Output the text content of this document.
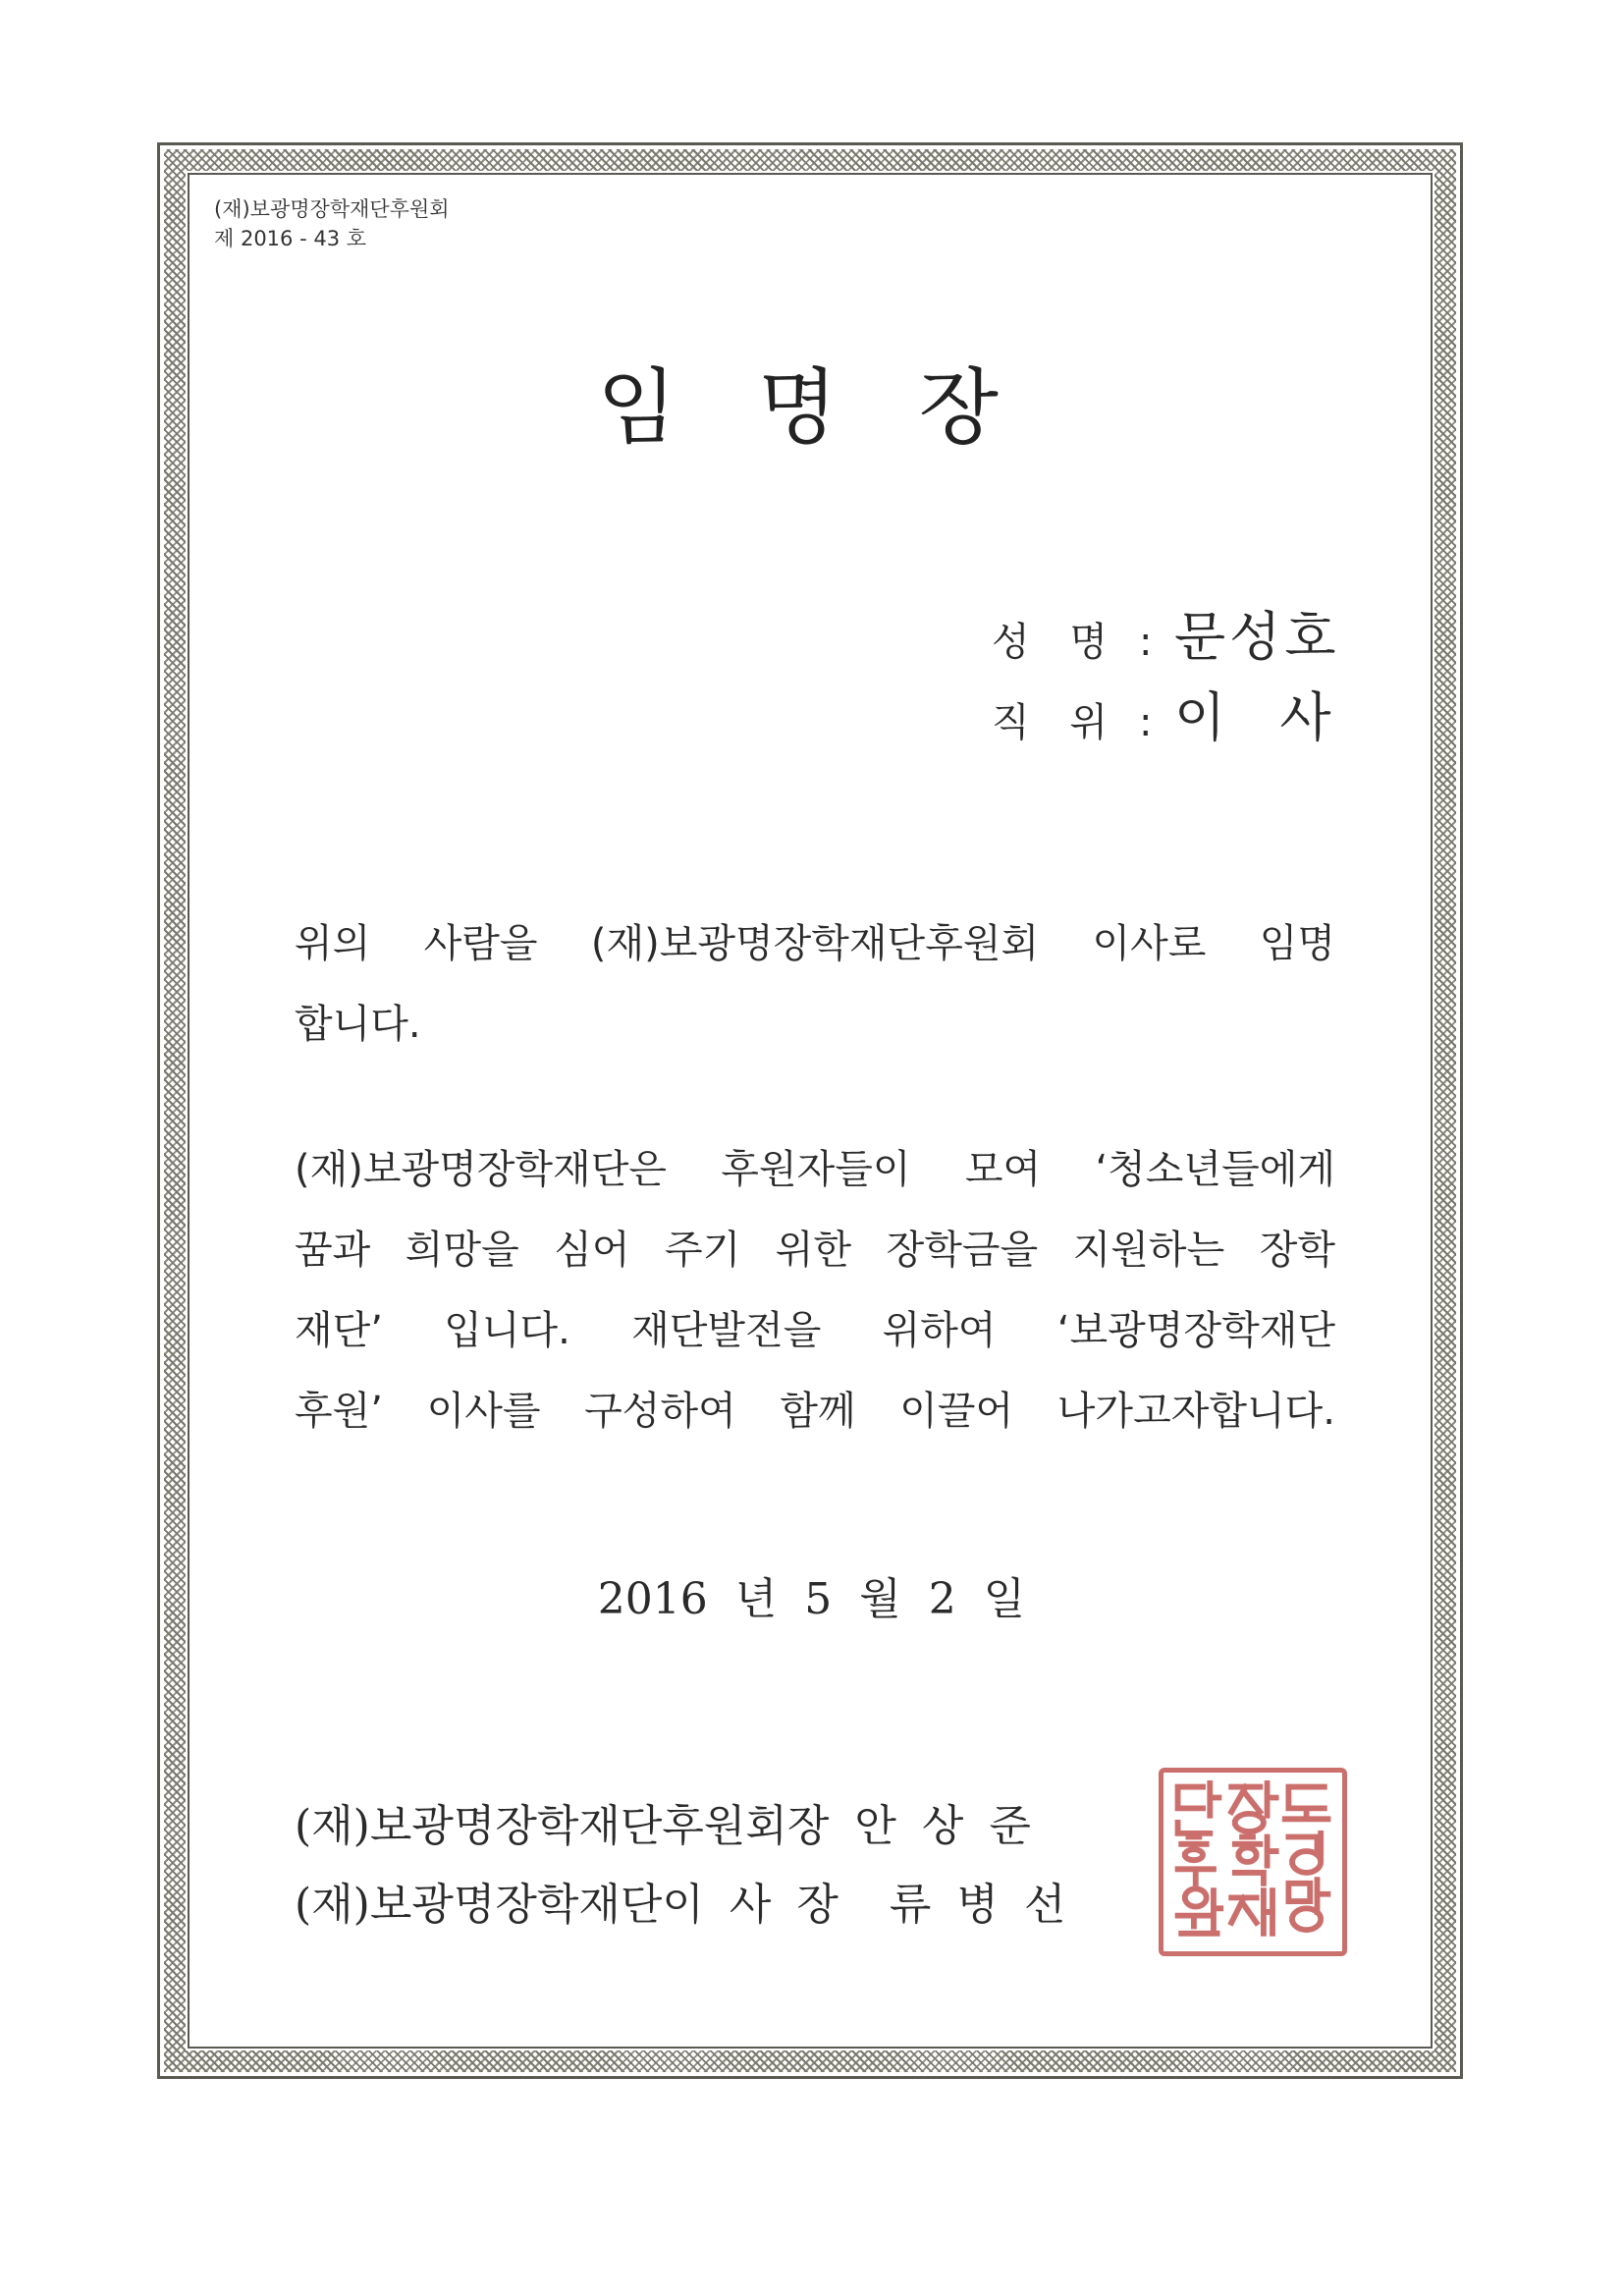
(재)보광명장학재단후원회
제 2016 - 43 호
임 명 장
성 명 : 문성호
직 위 : 이 사
위의 사람을 (재)보광명장학재단후원회 이사로 임명
합니다.
(재)보광명장학재단은 후원자들이 모여 ‘청소년들에게
꿈과 희망을 심어 주기 위한 장학금을 지원하는 장학
재단’ 입니다. 재단발전을 위하여 ‘보광명장학재단
후원’ 이사를 구성하여 함께 이끌어 나가고자합니다.
2016 년 5 월 2 일
(재)보광명장학재단 후원회장 안상준
(재)보광명장학재단 이사장 류병선
